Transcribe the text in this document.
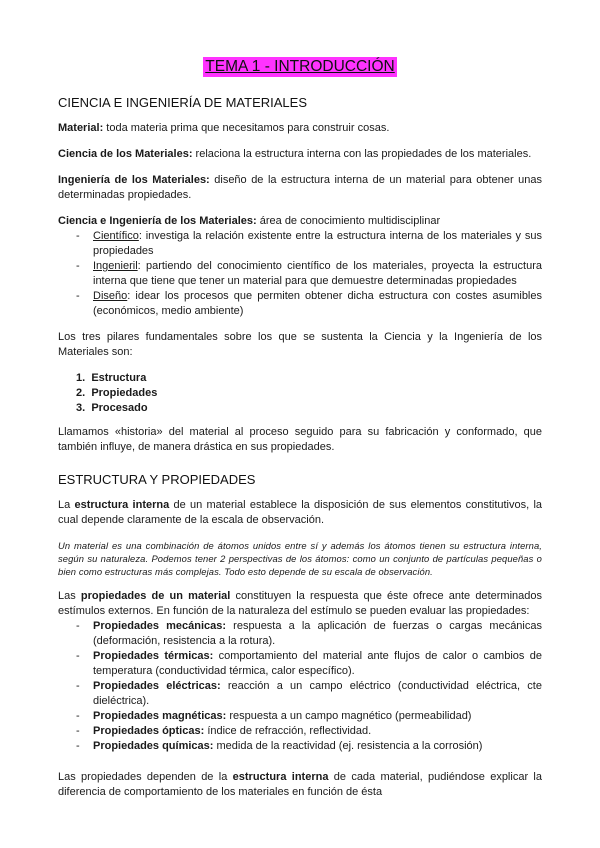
TEMA 1 - INTRODUCCIÓN
CIENCIA E INGENIERÍA DE MATERIALES

Material: toda materia prima que necesitamos para construir cosas.

Ciencia de los Materiales: relaciona la estructura interna con las propiedades de los materiales.

Ingeniería de los Materiales: diseño de la estructura interna de un material para obtener unas determinadas propiedades.

Ciencia e Ingeniería de los Materiales: área de conocimiento multidisciplinar

- Científico: investiga la relación existente entre la estructura interna de los materiales y sus propiedades
- Ingenieril: partiendo del conocimiento científico de los materiales, proyecta la estructura interna que tiene que tener un material para que demuestre determinadas propiedades
- Diseño: idear los procesos que permiten obtener dicha estructura con costes asumibles (económicos, medio ambiente)

Los tres pilares fundamentales sobre los que se sustenta la Ciencia y la Ingeniería de los Materiales son:

1. Estructura
2. Propiedades
3. Procesado

Llamamos «historia» del material al proceso seguido para su fabricación y conformado, que también influye, de manera drástica en sus propiedades.

ESTRUCTURA Y PROPIEDADES

La estructura interna de un material establece la disposición de sus elementos constitutivos, la cual depende claramente de la escala de observación.

Un material es una combinación de átomos unidos entre sí y además los átomos tienen su estructura interna, según su naturaleza. Podemos tener 2 perspectivas de los átomos: como un conjunto de partículas pequeñas o bien como estructuras más complejas. Todo esto depende de su escala de observación.

Las propiedades de un material constituyen la respuesta que éste ofrece ante determinados estímulos externos. En función de la naturaleza del estímulo se pueden evaluar las propiedades:

- Propiedades mecánicas: respuesta a la aplicación de fuerzas o cargas mecánicas (deformación, resistencia a la rotura).
- Propiedades térmicas: comportamiento del material ante flujos de calor o cambios de temperatura (conductividad térmica, calor específico).
- Propiedades eléctricas: reacción a un campo eléctrico (conductividad eléctrica, cte dieléctrica).
- Propiedades magnéticas: respuesta a un campo magnético (permeabilidad)
- Propiedades ópticas: índice de refracción, reflectividad.
- Propiedades químicas: medida de la reactividad (ej. resistencia a la corrosión)

Las propiedades dependen de la estructura interna de cada material, pudiéndose explicar la diferencia de comportamiento de los materiales en función de ésta
